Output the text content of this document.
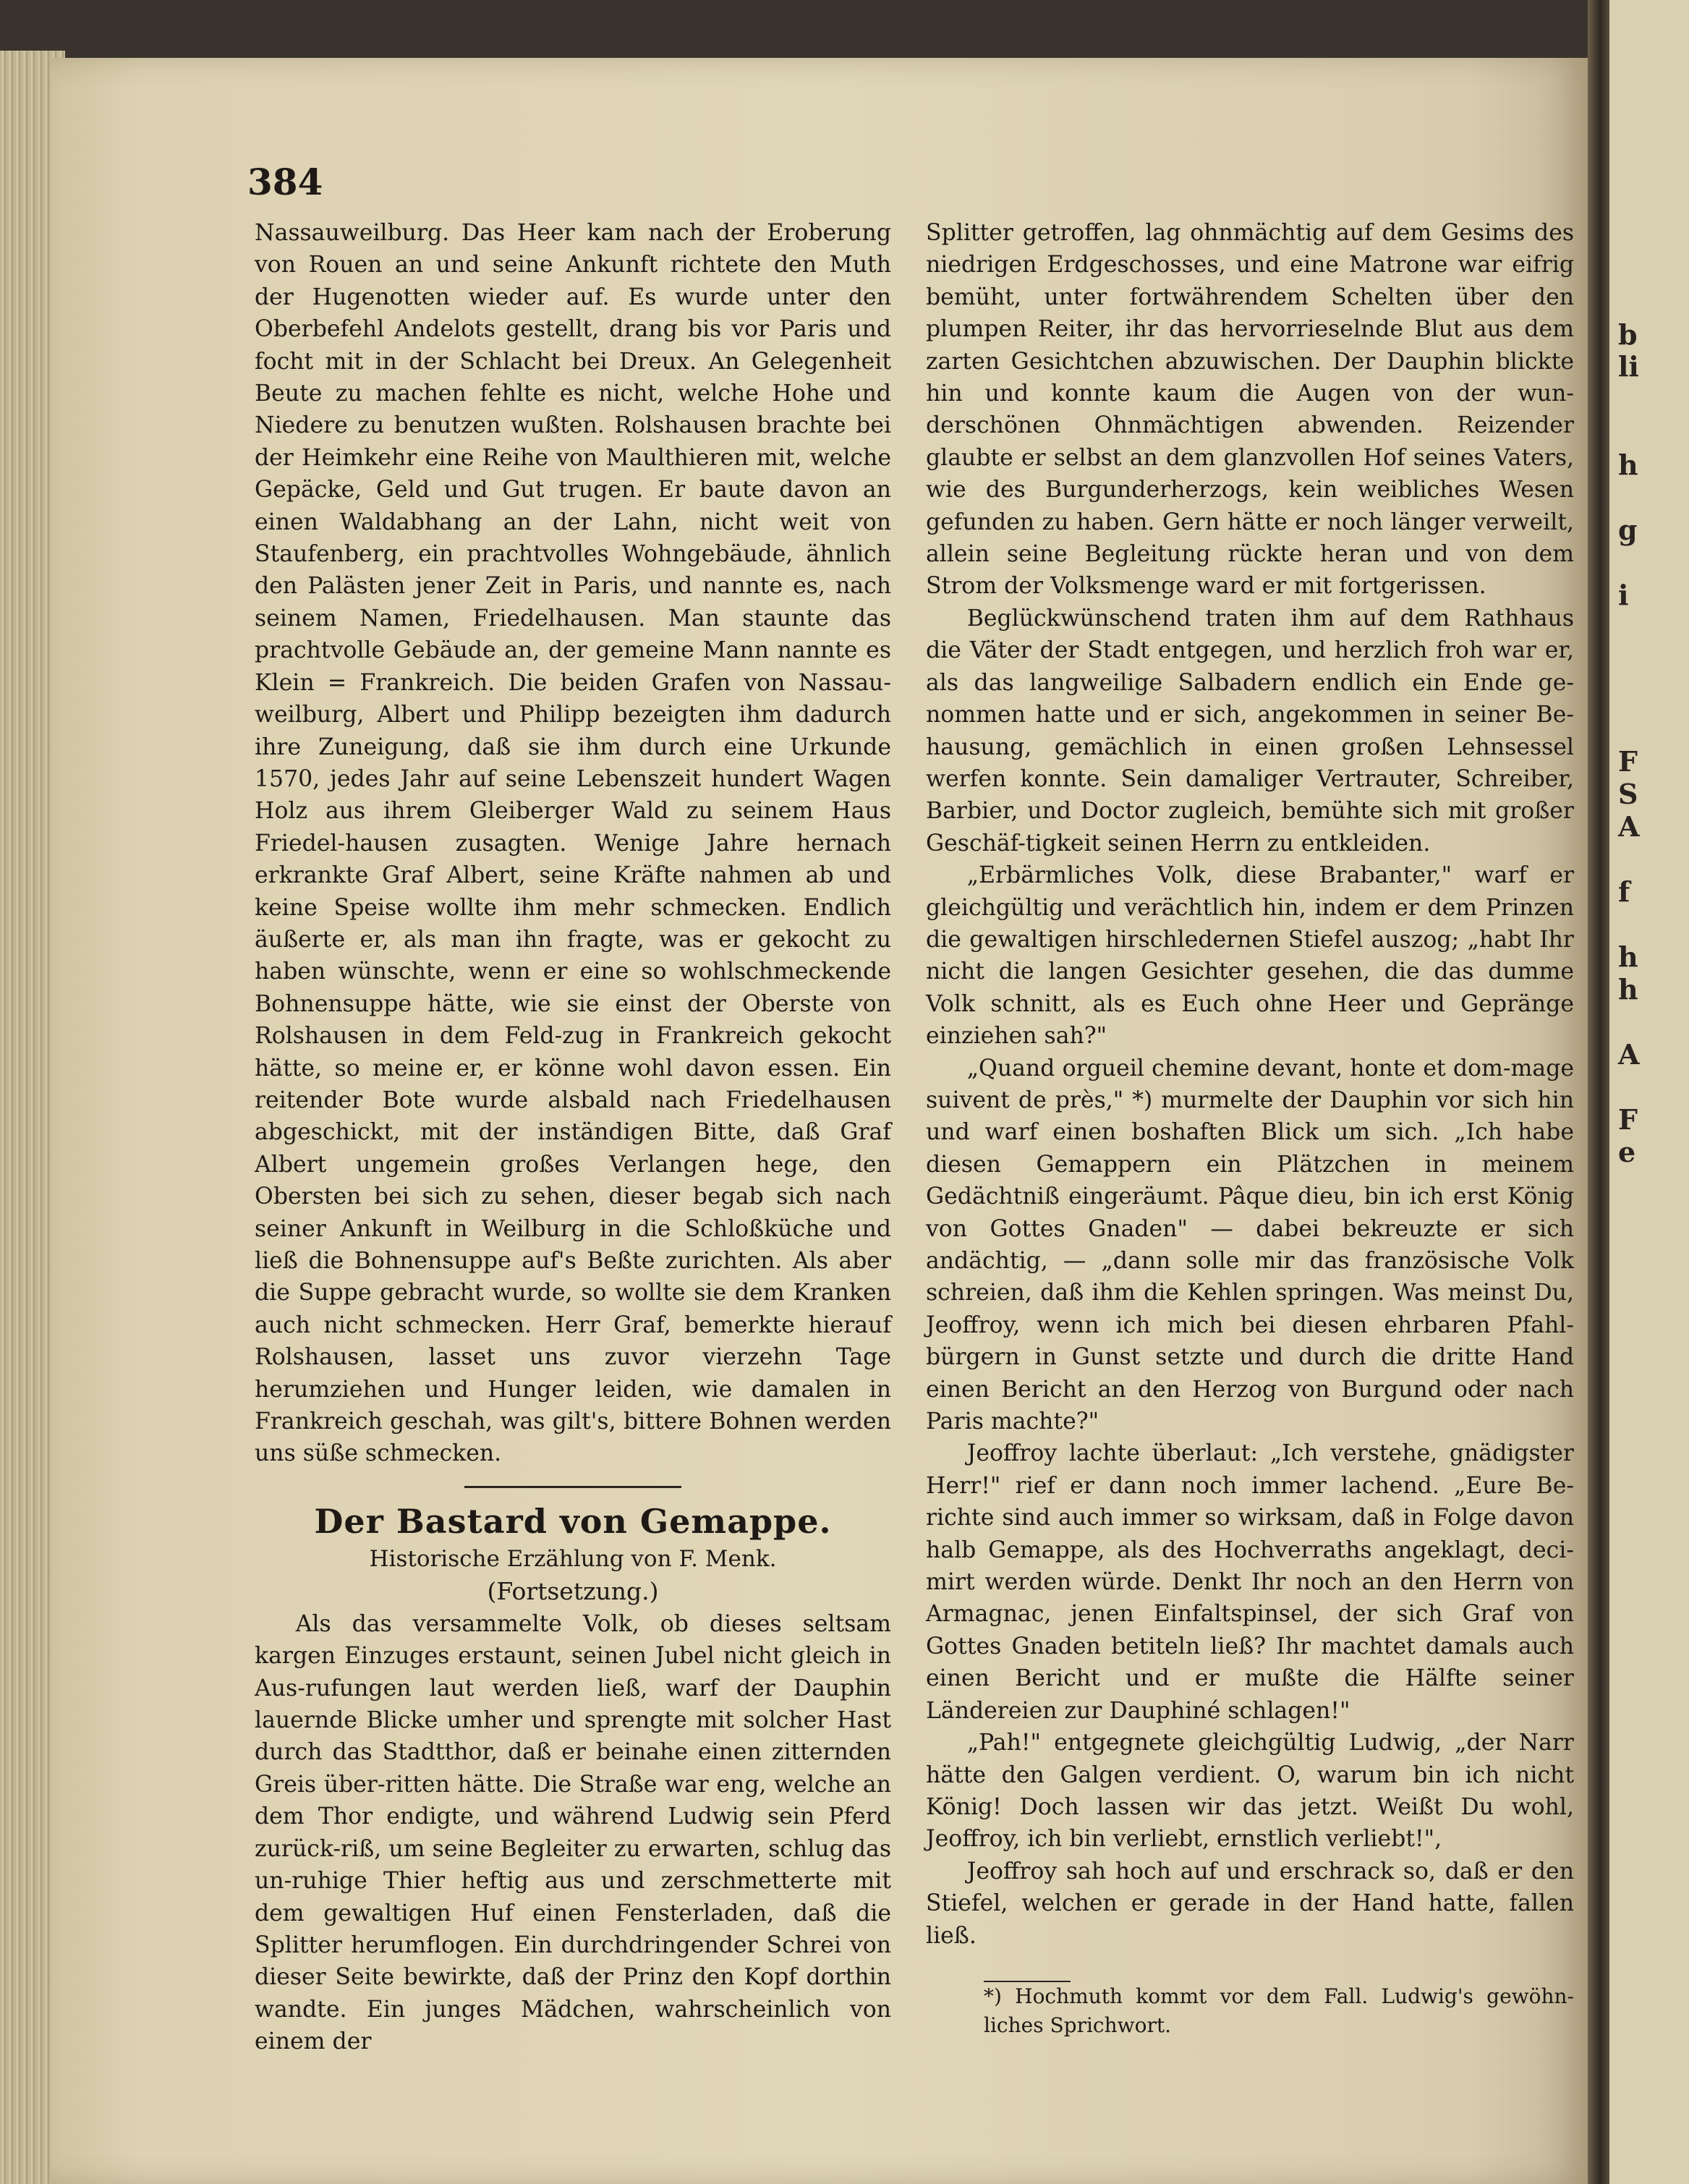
b
li
h
g
i
F
S
A
f
h
h
A
F
e
384

Nassauweilburg. Das Heer kam nach der Eroberung von Rouen an und seine Ankunft richtete den Muth der Hugenotten wieder auf. Es wurde unter den Oberbefehl Andelots gestellt, drang bis vor Paris und focht mit in der Schlacht bei Dreux. An Gelegenheit Beute zu machen fehlte es nicht, welche Hohe und Niedere zu benutzen wußten. Rolshausen brachte bei der Heimkehr eine Reihe von Maulthieren mit, welche Gepäcke, Geld und Gut trugen. Er baute davon an einen Waldabhang an der Lahn, nicht weit von Staufenberg, ein prachtvolles Wohngebäude, ähnlich den Palästen jener Zeit in Paris, und nannte es, nach seinem Namen, Friedelhausen. Man staunte das prachtvolle Gebäude an, der gemeine Mann nannte es Klein = Frankreich. Die beiden Grafen von Nassau-weilburg, Albert und Philipp bezeigten ihm dadurch ihre Zuneigung, daß sie ihm durch eine Urkunde 1570, jedes Jahr auf seine Lebenszeit hundert Wagen Holz aus ihrem Gleiberger Wald zu seinem Haus Friedel-hausen zusagten. Wenige Jahre hernach erkrankte Graf Albert, seine Kräfte nahmen ab und keine Speise wollte ihm mehr schmecken. Endlich äußerte er, als man ihn fragte, was er gekocht zu haben wünschte, wenn er eine so wohlschmeckende Bohnensuppe hätte, wie sie einst der Oberste von Rolshausen in dem Feld-zug in Frankreich gekocht hätte, so meine er, er könne wohl davon essen. Ein reitender Bote wurde alsbald nach Friedelhausen abgeschickt, mit der inständigen Bitte, daß Graf Albert ungemein großes Verlangen hege, den Obersten bei sich zu sehen, dieser begab sich nach seiner Ankunft in Weilburg in die Schloßküche und ließ die Bohnensuppe auf's Beßte zurichten. Als aber die Suppe gebracht wurde, so wollte sie dem Kranken auch nicht schmecken. Herr Graf, bemerkte hierauf Rolshausen, lasset uns zuvor vierzehn Tage herumziehen und Hunger leiden, wie damalen in Frankreich geschah, was gilt's, bittere Bohnen werden uns süße schmecken.

Der Bastard von Gemappe.
Historische Erzählung von F. Menk.
(Fortsetzung.)

Als das versammelte Volk, ob dieses seltsam kargen Einzuges erstaunt, seinen Jubel nicht gleich in Aus-rufungen laut werden ließ, warf der Dauphin lauernde Blicke umher und sprengte mit solcher Hast durch das Stadtthor, daß er beinahe einen zitternden Greis über-ritten hätte. Die Straße war eng, welche an dem Thor endigte, und während Ludwig sein Pferd zurück-riß, um seine Begleiter zu erwarten, schlug das un-ruhige Thier heftig aus und zerschmetterte mit dem gewaltigen Huf einen Fensterladen, daß die Splitter herumflogen. Ein durchdringender Schrei von dieser Seite bewirkte, daß der Prinz den Kopf dorthin wandte. Ein junges Mädchen, wahrscheinlich von einem der

Splitter getroffen, lag ohnmächtig auf dem Gesims des niedrigen Erdgeschosses, und eine Matrone war eifrig bemüht, unter fortwährendem Schelten über den plumpen Reiter, ihr das hervorrieselnde Blut aus dem zarten Gesichtchen abzuwischen. Der Dauphin blickte hin und konnte kaum die Augen von der wun-derschönen Ohnmächtigen abwenden. Reizender glaubte er selbst an dem glanzvollen Hof seines Vaters, wie des Burgunderherzogs, kein weibliches Wesen gefunden zu haben. Gern hätte er noch länger verweilt, allein seine Begleitung rückte heran und von dem Strom der Volksmenge ward er mit fortgerissen.

Beglückwünschend traten ihm auf dem Rathhaus die Väter der Stadt entgegen, und herzlich froh war er, als das langweilige Salbadern endlich ein Ende ge-nommen hatte und er sich, angekommen in seiner Be-hausung, gemächlich in einen großen Lehnsessel werfen konnte. Sein damaliger Vertrauter, Schreiber, Barbier, und Doctor zugleich, bemühte sich mit großer Geschäf-tigkeit seinen Herrn zu entkleiden.

„Erbärmliches Volk, diese Brabanter," warf er gleichgültig und verächtlich hin, indem er dem Prinzen die gewaltigen hirschledernen Stiefel auszog; „habt Ihr nicht die langen Gesichter gesehen, die das dumme Volk schnitt, als es Euch ohne Heer und Gepränge einziehen sah?"

„Quand orgueil chemine devant, honte et dom-mage suivent de près," *) murmelte der Dauphin vor sich hin und warf einen boshaften Blick um sich. „Ich habe diesen Gemappern ein Plätzchen in meinem Gedächtniß eingeräumt. Pâque dieu, bin ich erst König von Gottes Gnaden" — dabei bekreuzte er sich andächtig, — „dann solle mir das französische Volk schreien, daß ihm die Kehlen springen. Was meinst Du, Jeoffroy, wenn ich mich bei diesen ehrbaren Pfahl-bürgern in Gunst setzte und durch die dritte Hand einen Bericht an den Herzog von Burgund oder nach Paris machte?"

Jeoffroy lachte überlaut: „Ich verstehe, gnädigster Herr!" rief er dann noch immer lachend. „Eure Be-richte sind auch immer so wirksam, daß in Folge davon halb Gemappe, als des Hochverraths angeklagt, deci-mirt werden würde. Denkt Ihr noch an den Herrn von Armagnac, jenen Einfaltspinsel, der sich Graf von Gottes Gnaden betiteln ließ? Ihr machtet damals auch einen Bericht und er mußte die Hälfte seiner Ländereien zur Dauphiné schlagen!"

„Pah!" entgegnete gleichgültig Ludwig, „der Narr hätte den Galgen verdient. O, warum bin ich nicht König! Doch lassen wir das jetzt. Weißt Du wohl, Jeoffroy, ich bin verliebt, ernstlich verliebt!",

Jeoffroy sah hoch auf und erschrack so, daß er den Stiefel, welchen er gerade in der Hand hatte, fallen ließ.

*) Hochmuth kommt vor dem Fall. Ludwig's gewöhn-liches Sprichwort.
